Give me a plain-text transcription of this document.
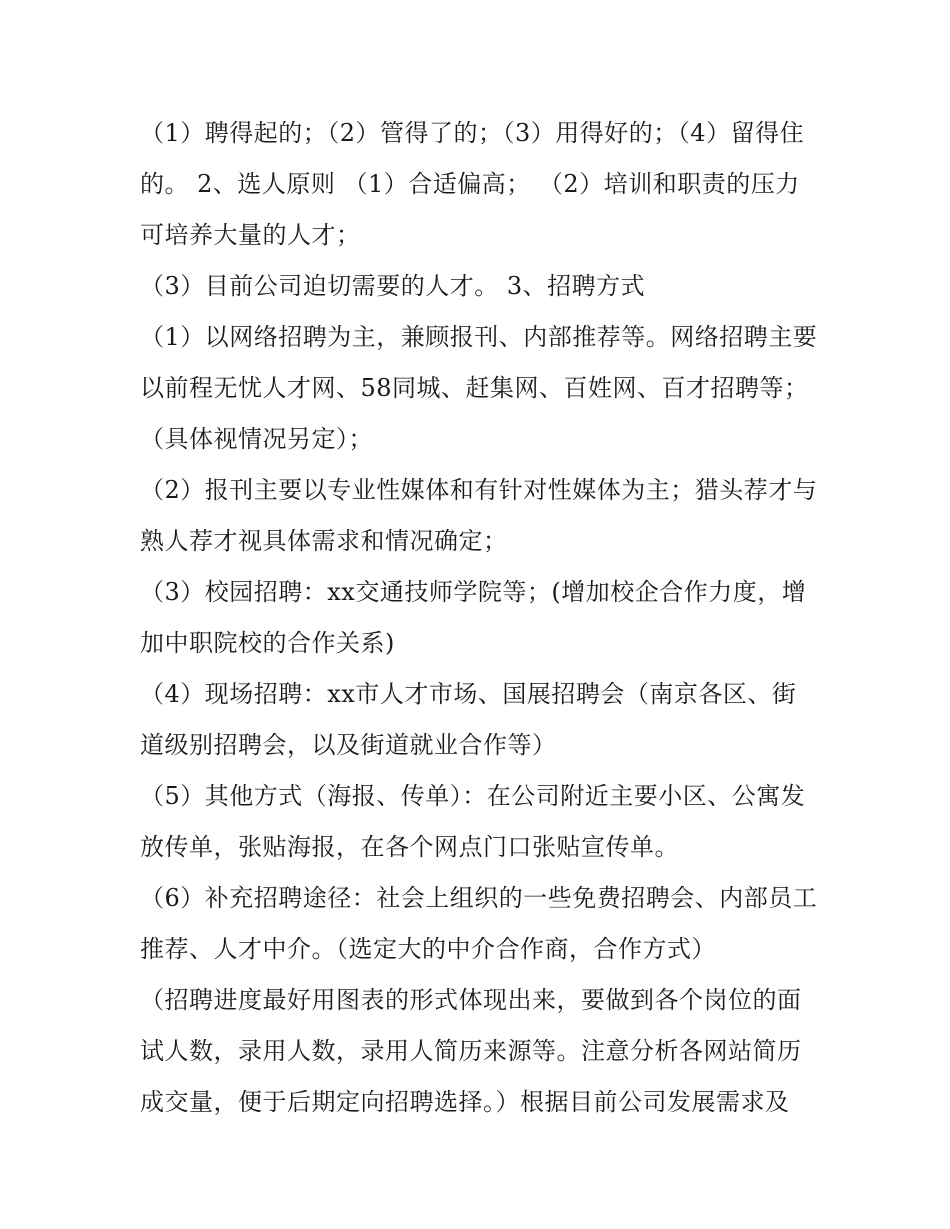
（1）聘得起的；（2）管得了的；（3）用得好的；（4）留得住的。 2、选人原则 （1）合适偏高； （2）培训和职责的压力可培养大量的人才；

（3）目前公司迫切需要的人才。 3、招聘方式

（1）以网络招聘为主，兼顾报刊、内部推荐等。网络招聘主要以前程无忧人才网、58同城、赶集网、百姓网、百才招聘等；（具体视情况另定）；

（2）报刊主要以专业性媒体和有针对性媒体为主；猎头荐才与熟人荐才视具体需求和情况确定；

（3）校园招聘：xx交通技师学院等；(增加校企合作力度，增加中职院校的合作关系)

（4）现场招聘：xx市人才市场、国展招聘会（南京各区、街道级别招聘会，以及街道就业合作等）

（5）其他方式（海报、传单）：在公司附近主要小区、公寓发放传单，张贴海报，在各个网点门口张贴宣传单。

（6）补充招聘途径：社会上组织的一些免费招聘会、内部员工推荐、人才中介。（选定大的中介合作商，合作方式）

（招聘进度最好用图表的形式体现出来，要做到各个岗位的面试人数，录用人数，录用人简历来源等。注意分析各网站简历成交量，便于后期定向招聘选择。）根据目前公司发展需求及
